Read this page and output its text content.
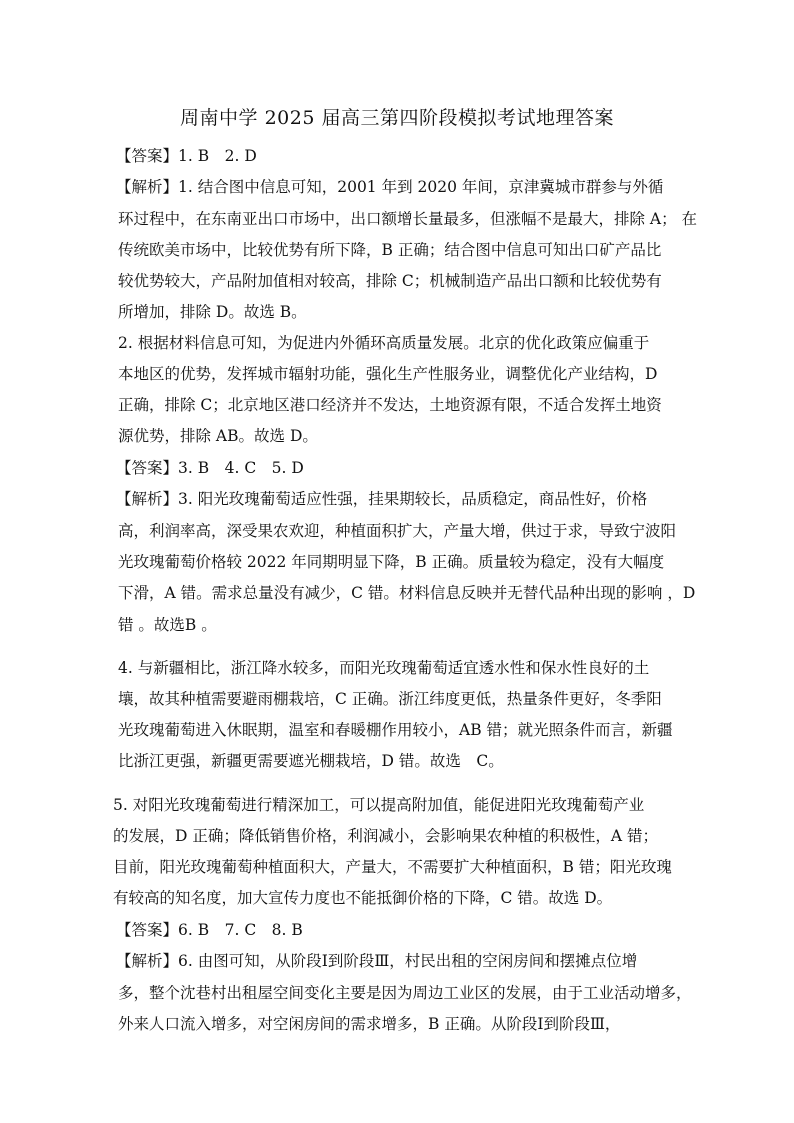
周南中学 2025 届高三第四阶段模拟考试地理答案
【答案】1. B　2. D
【解析】1. 结合图中信息可知，2001 年到 2020 年间，京津冀城市群参与外循
环过程中，在东南亚出口市场中，出口额增长量最多，但涨幅不是最大，排除 A； 在
传统欧美市场中，比较优势有所下降，B 正确；结合图中信息可知出口矿产品比
较优势较大，产品附加值相对较高，排除 C；机械制造产品出口额和比较优势有
所增加，排除 D。故选 B。
2. 根据材料信息可知，为促进内外循环高质量发展。北京的优化政策应偏重于
本地区的优势，发挥城市辐射功能，强化生产性服务业，调整优化产业结构，D
正确，排除 C；北京地区港口经济并不发达，土地资源有限，不适合发挥土地资
源优势，排除 AB。故选 D。
【答案】3. B　4. C　5. D
【解析】3. 阳光玫瑰葡萄适应性强，挂果期较长，品质稳定，商品性好，价格
高，利润率高，深受果农欢迎，种植面积扩大，产量大增，供过于求，导致宁波阳
光玫瑰葡萄价格较 2022 年同期明显下降，B 正确。质量较为稳定，没有大幅度
下滑，A 错。需求总量没有减少，C 错。材料信息反映并无替代品种出现的影响 ，D
错 。故选B 。
4. 与新疆相比，浙江降水较多，而阳光玫瑰葡萄适宜透水性和保水性良好的土
壤，故其种植需要避雨棚栽培，C 正确。浙江纬度更低，热量条件更好，冬季阳
光玫瑰葡萄进入休眠期，温室和春暖棚作用较小，AB 错；就光照条件而言，新疆
比浙江更强，新疆更需要遮光棚栽培，D 错。故选　C。
5. 对阳光玫瑰葡萄进行精深加工，可以提高附加值，能促进阳光玫瑰葡萄产业
的发展，D 正确；降低销售价格，利润减小，会影响果农种植的积极性，A 错；
目前，阳光玫瑰葡萄种植面积大，产量大，不需要扩大种植面积，B 错；阳光玫瑰
有较高的知名度，加大宣传力度也不能抵御价格的下降，C 错。故选 D。
【答案】6. B　7. C　8. B
【解析】6. 由图可知，从阶段Ⅰ到阶段Ⅲ，村民出租的空闲房间和摆摊点位增
多，整个沈巷村出租屋空间变化主要是因为周边工业区的发展，由于工业活动增多，
外来人口流入增多，对空闲房间的需求增多，B 正确。从阶段Ⅰ到阶段Ⅲ，
